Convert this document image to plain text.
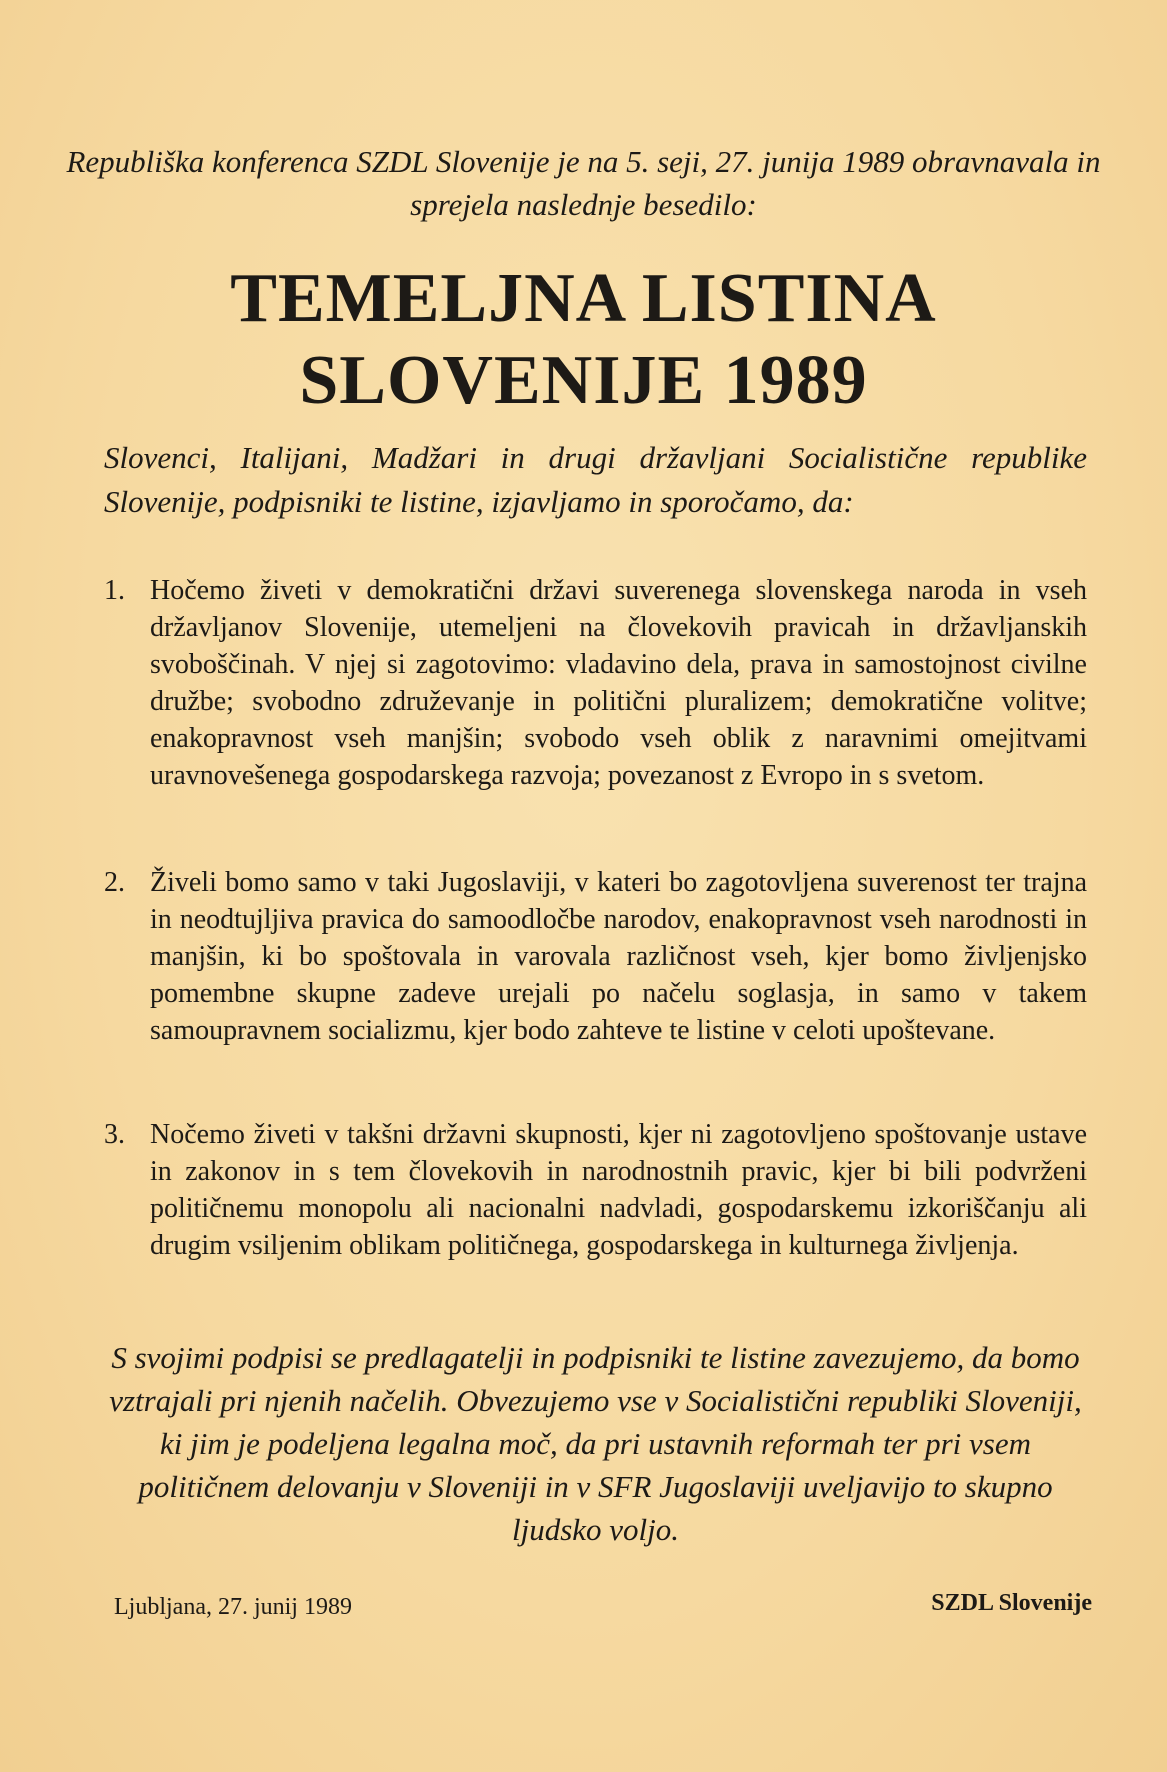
Republiška konferenca SZDL Slovenije je na 5. seji, 27. junija 1989 obravnavala in sprejela naslednje besedilo:

TEMELJNA LISTINA
SLOVENIJE 1989

Slovenci, Italijani, Madžari in drugi državljani Socialistične republike Slovenije, podpisniki te listine, izjavljamo in sporočamo, da:

1. Hočemo živeti v demokratični državi suverenega slovenskega naroda in vseh državljanov Slovenije, utemeljeni na človekovih pravicah in državljanskih svoboščinah. V njej si zagotovimo: vladavino dela, prava in samostojnost civilne družbe; svobodno združevanje in politični pluralizem; demokratične volitve; enakopravnost vseh manjšin; svobodo vseh oblik z naravnimi omejitvami uravnovešenega gospodarskega razvoja; povezanost z Evropo in s svetom.
2. Živeli bomo samo v taki Jugoslaviji, v kateri bo zagotovljena suverenost ter trajna in neodtujljiva pravica do samoodločbe narodov, enakopravnost vseh narodnosti in manjšin, ki bo spoštovala in varovala različnost vseh, kjer bomo življenjsko pomembne skupne zadeve urejali po načelu soglasja, in samo v takem samoupravnem socializmu, kjer bodo zahteve te listine v celoti upoštevane.
3. Nočemo živeti v takšni državni skupnosti, kjer ni zagotovljeno spoštovanje ustave in zakonov in s tem človekovih in narodnostnih pravic, kjer bi bili podvrženi političnemu monopolu ali nacionalni nadvladi, gospodarskemu izkoriščanju ali drugim vsiljenim oblikam političnega, gospodarskega in kulturnega življenja.

S svojimi podpisi se predlagatelji in podpisniki te listine zavezujemo, da bomo vztrajali pri njenih načelih. Obvezujemo vse v Socialistični republiki Sloveniji, ki jim je podeljena legalna moč, da pri ustavnih reformah ter pri vsem političnem delovanju v Sloveniji in v SFR Jugoslaviji uveljavijo to skupno ljudsko voljo.

Ljubljana, 27. junij 1989	SZDL Slovenije
